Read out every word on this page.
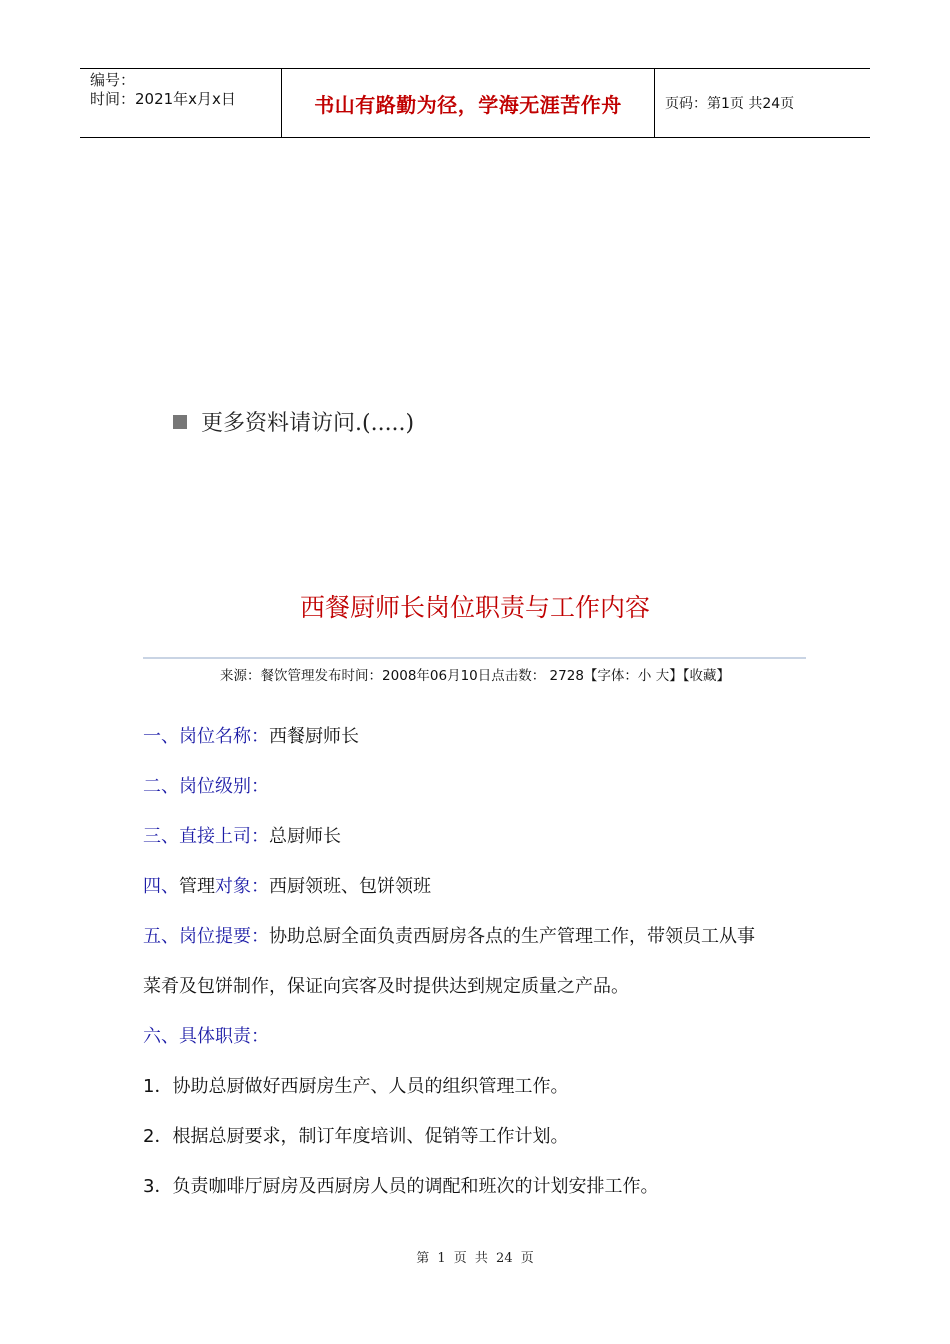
编号：
时间：2021年x月x日	书山有路勤为径，学海无涯苦作舟	页码：第1页 共24页
更多资料请访问.(.....)
西餐厨师长岗位职责与工作内容
来源：餐饮管理发布时间：2008年06月10日点击数： 2728【字体：小 大】【收藏】
一、岗位名称：西餐厨师长
二、岗位级别：
三、直接上司：总厨师长
四、管理对象：西厨领班、包饼领班
五、岗位提要：协助总厨全面负责西厨房各点的生产管理工作，带领员工从事
菜肴及包饼制作，保证向宾客及时提供达到规定质量之产品。
六、具体职责：
1．协助总厨做好西厨房生产、人员的组织管理工作。
2．根据总厨要求，制订年度培训、促销等工作计划。
3．负责咖啡厅厨房及西厨房人员的调配和班次的计划安排工作。
第 1 页 共 24 页
